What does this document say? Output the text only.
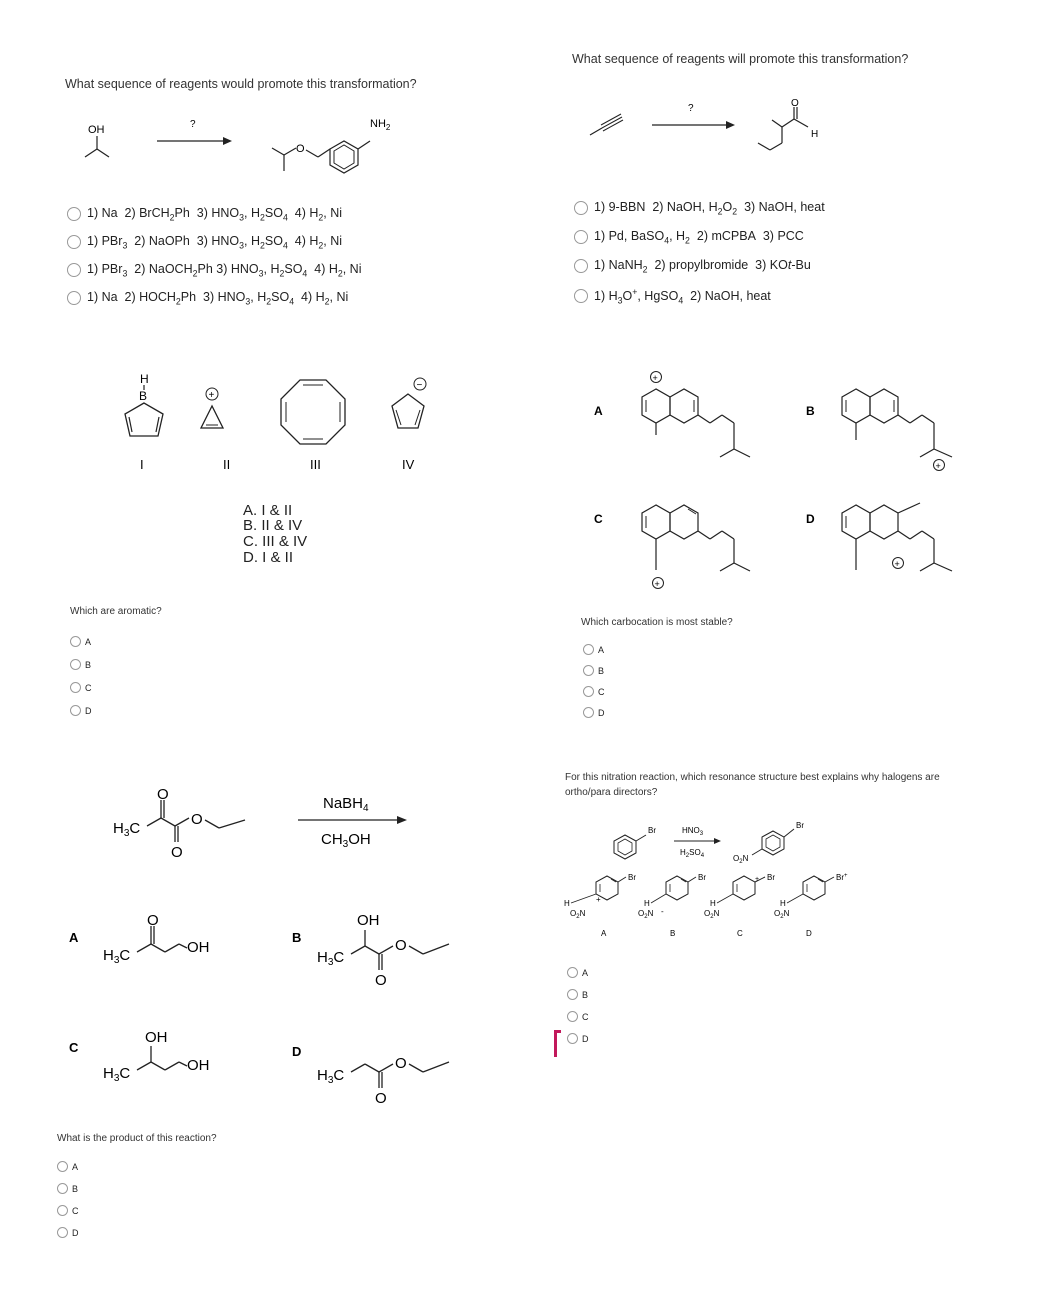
What sequence of reagents would promote this transformation?
OH	?
O
$NH_2$
1) Na  2) BrCH$_2$Ph  3) $HNO_3$, $H_2SO_4$  4) $H_2$, Ni
1) PBr$_3$  2) NaOPh  3) $HNO_3$, $H_2SO_4$  4) $H_2$, Ni
1) PBr$_3$  2) NaOCH$_2$Ph 3) $HNO_3$, $H_2SO_4$  4) $H_2$, Ni
1) Na  2) $HOCH_2Ph$  3) $HNO_3$, $H_2SO_4$  4) $H_2$, Ni
What sequence of reagents will promote this transformation?
?	O
H
1) 9-BBN  2) NaOH, $H_2O_2$  3) NaOH, heat
1) Pd, BaSO$_4$, $H_2$  2) mCPBA  3) PCC
1) NaNH$_2$  2) propylbromide  3) KOt-Bu
1) $H_3O^+$, HgSO$_4$  2) NaOH, heat
H
B	+
−
I	II	III	IV
A. I & II
B. II & IV
C. III & IV
D. I & II
Which are aromatic?
A
B
C
D
A
+
B
+
C
+
D
+
Which carbocation is most stable?
A
B
C
D
$H_3C$
O
O
O
NaBH$_4$
$CH_3OH$
A
$H_3C$
O
OH
B
$H_3C$
OH
O
O
C
$H_3C$
OH
OH
D
$H_3C$
O
O
What is the product of this reaction?
A
B
C
D
For this nitration reaction, which resonance structure best explains why halogens are ortho/para directors?
Br	$HNO_3$
$H_2SO_4$
Br
$O_2N$
Br
H
$O_2N$
+
A
Br
H
$O_2N$ -
B
Br
+
H
$O_2N$
C
Br+
H
$O_2N$
D
A
B
C
D
